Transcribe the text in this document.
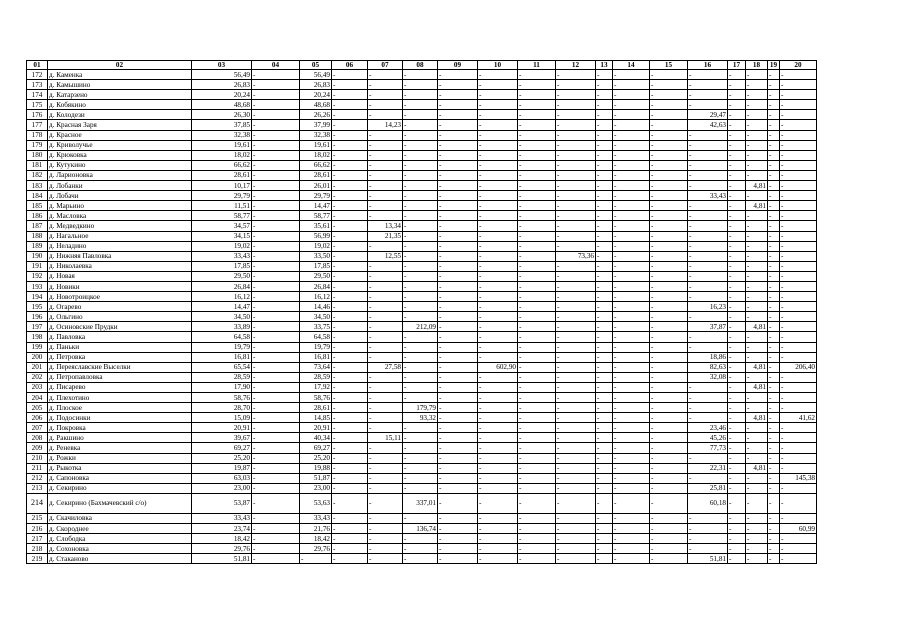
01	02	03	04	05	06	07	08	09	10	11	12	13	14	15	16	17	18	19	20
172	д. Каменка	56,49	-	56,49	-	-	-	-	-	-	-	-	-	-	-	-	-	-	-
173	д. Камышино	26,83	-	26,83	-	-	-	-	-	-	-	-	-	-	-	-	-	-	-
174	д. Катарзено	20,24	-	20,24	-	-	-	-	-	-	-	-	-	-	-	-	-	-	-
175	д. Кобякино	48,68	-	48,68	-	-	-	-	-	-	-	-	-	-	-	-	-	-	-
176	д. Колодези	26,30	-	26,26	-	-	-	-	-	-	-	-	-	-	29,47	-	-	-	-
177	д. Красная Заря	37,85	-	37,99	-	14,23	-	-	-	-	-	-	-	-	42,63	-	-	-	-
178	д. Красное	32,38	-	32,38	-	-	-	-	-	-	-	-	-	-	-	-	-	-	-
179	д. Криволучье	19,61	-	19,61	-	-	-	-	-	-	-	-	-	-	-	-	-	-	-
180	д. Крюковка	18,02	-	18,02	-	-	-	-	-	-	-	-	-	-	-	-	-	-	-
181	д. Кутукино	66,62	-	66,62	-	-	-	-	-	-	-	-	-	-	-	-	-	-	-
182	д. Ларионовка	28,61	-	28,61	-	-	-	-	-	-	-	-	-	-	-	-	-	-	-
183	д. Лобанки	10,17	-	26,01	-	-	-	-	-	-	-	-	-	-	-	-	4,81	-	-
184	д. Лобачи	29,79	-	29,79	-	-	-	-	-	-	-	-	-	-	33,43	-	-	-	-
185	д. Марьино	11,51	-	14,47	-	-	-	-	-	-	-	-	-	-	-	-	4,81	-	-
186	д. Масловка	58,77	-	58,77	-	-	-	-	-	-	-	-	-	-	-	-	-	-	-
187	д. Медведкино	34,57	-	35,61	-	13,34	-	-	-	-	-	-	-	-	-	-	-	-	-
188	д. Нагальное	34,15	-	56,99	-	21,35	-	-	-	-	-	-	-	-	-	-	-	-	-
189	д. Неладино	19,02	-	19,02	-	-	-	-	-	-	-	-	-	-	-	-	-	-	-
190	д. Нижняя Павловка	33,43	-	33,50	-	12,55	-	-	-	-	73,36	-	-	-	-	-	-	-	-
191	д. Николаевка	17,85	-	17,85	-	-	-	-	-	-	-	-	-	-	-	-	-	-	-
192	д. Новая	29,50	-	29,50	-	-	-	-	-	-	-	-	-	-	-	-	-	-	-
193	д. Новики	26,84	-	26,84	-	-	-	-	-	-	-	-	-	-	-	-	-	-	-
194	д. Новотроицкое	16,12	-	16,12	-	-	-	-	-	-	-	-	-	-	-	-	-	-	-
195	д. Огарево	14,47	-	14,46	-	-	-	-	-	-	-	-	-	-	16,23	-	-	-	-
196	д. Ольгино	34,50	-	34,50	-	-	-	-	-	-	-	-	-	-	-	-	-	-	-
197	д. Осиновские Прудки	33,89	-	33,75	-	-	212,09	-	-	-	-	-	-	-	37,87	-	4,81	-	-
198	д. Павловка	64,58	-	64,58	-	-	-	-	-	-	-	-	-	-	-	-	-	-	-
199	д. Паньки	19,79	-	19,79	-	-	-	-	-	-	-	-	-	-	-	-	-	-	-
200	д. Петровка	16,81	-	16,81	-	-	-	-	-	-	-	-	-	-	18,86	-	-	-	-
201	д. Переяславские Выселки	65,54	-	73,64	-	27,58	-	-	602,90	-	-	-	-	-	82,63	-	4,81	-	206,40
202	д. Петропавловка	28,59	-	28,59	-	-	-	-	-	-	-	-	-	-	32,08	-	-	-	-
203	д. Писарево	17,90	-	17,92	-	-	-	-	-	-	-	-	-	-	-	-	4,81	-	-
204	д. Плехотино	58,76	-	58,76	-	-	-	-	-	-	-	-	-	-	-	-	-	-	-
205	д. Плоское	28,70	-	28,61	-	-	179,79	-	-	-	-	-	-	-	-	-	-	-	-
206	д. Подосинки	15,09	-	14,85	-	-	93,32	-	-	-	-	-	-	-	-	-	4,81	-	41,62
207	д. Покровка	20,91	-	20,91	-	-	-	-	-	-	-	-	-	-	23,46	-	-	-	-
208	д. Ракшино	39,67	-	40,34	-	15,11	-	-	-	-	-	-	-	-	45,26	-	-	-	-
209	д. Реневка	69,27	-	69,27	-	-	-	-	-	-	-	-	-	-	77,73	-	-	-	-
210	д. Рожки	25,20	-	25,20	-	-	-	-	-	-	-	-	-	-	-	-	-	-	-
211	д. Рыкотка	19,87	-	19,88	-	-	-	-	-	-	-	-	-	-	22,31	-	4,81	-	-
212	д. Сапоновка	63,03	-	51,87	-	-	-	-	-	-	-	-	-	-	-	-	-	-	145,38
213	д. Секирино	23,00	-	23,00	-	-	-	-	-	-	-	-	-	-	25,81	-	-	-	-
214	д. Секирино (Бахмачевский с/о)	53,87	-	53,63	-	-	337,01	-	-	-	-	-	-	-	60,18	-	-	-	-
215	д. Скачиловка	33,43	-	33,43	-	-	-	-	-	-	-	-	-	-	-	-	-	-	-
216	д. Скороднее	23,74	-	21,76	-	-	136,74	-	-	-	-	-	-	-	-	-	-	-	60,99
217	д. Слободка	18,42	-	18,42	-	-	-	-	-	-	-	-	-	-	-	-	-	-	-
218	д. Сохоновка	29,76	-	29,76	-	-	-	-	-	-	-	-	-	-	-	-	-	-	-
219	д. Стаканово	51,81	-	-	-	-	-	-	-	-	-	-	-	-	51,81	-	-	-	-
